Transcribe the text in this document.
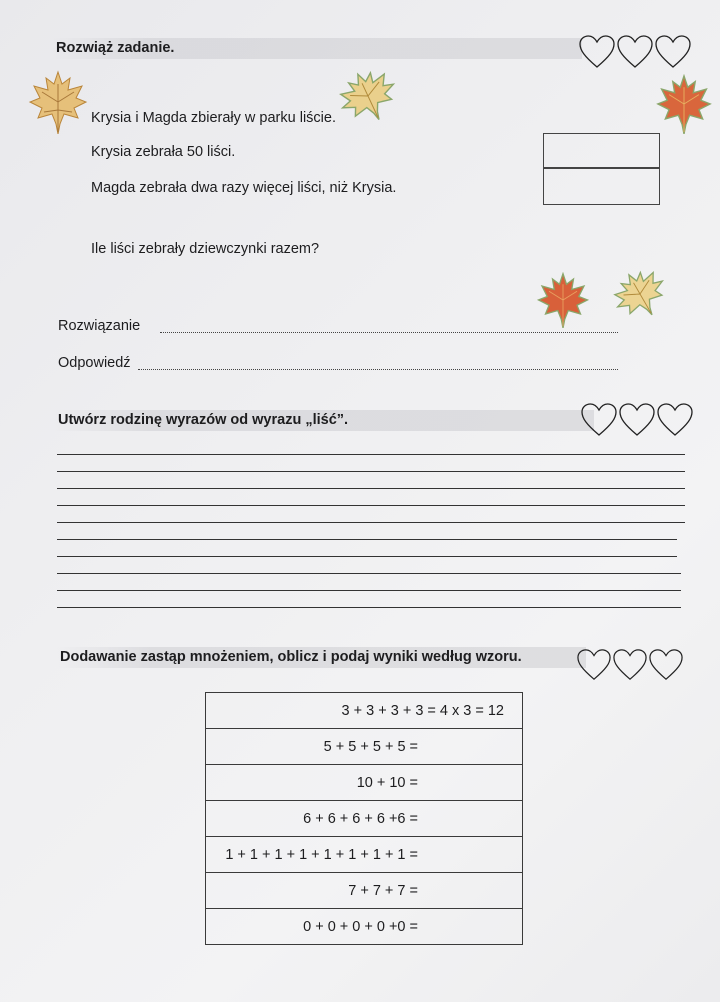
Rozwiąż zadanie.
Krysia i Magda zbierały w parku liście.
Krysia zebrała 50 liści.
Magda zebrała dwa razy więcej liści, niż Krysia.
Ile liści zebrały dziewczynki razem?
Rozwiązanie
Odpowiedź
Utwórz rodzinę wyrazów od wyrazu „liść”.
Dodawanie zastąp mnożeniem, oblicz i podaj wyniki według wzoru.
3 + 3 + 3 + 3 = 4 x 3 = 12
5 + 5 + 5 + 5 =
10 + 10 =
6 + 6 + 6 + 6 +6 =
1 + 1 + 1 + 1 + 1 + 1 + 1 + 1 =
7 + 7 + 7 =
0 + 0 + 0 + 0 +0 =
